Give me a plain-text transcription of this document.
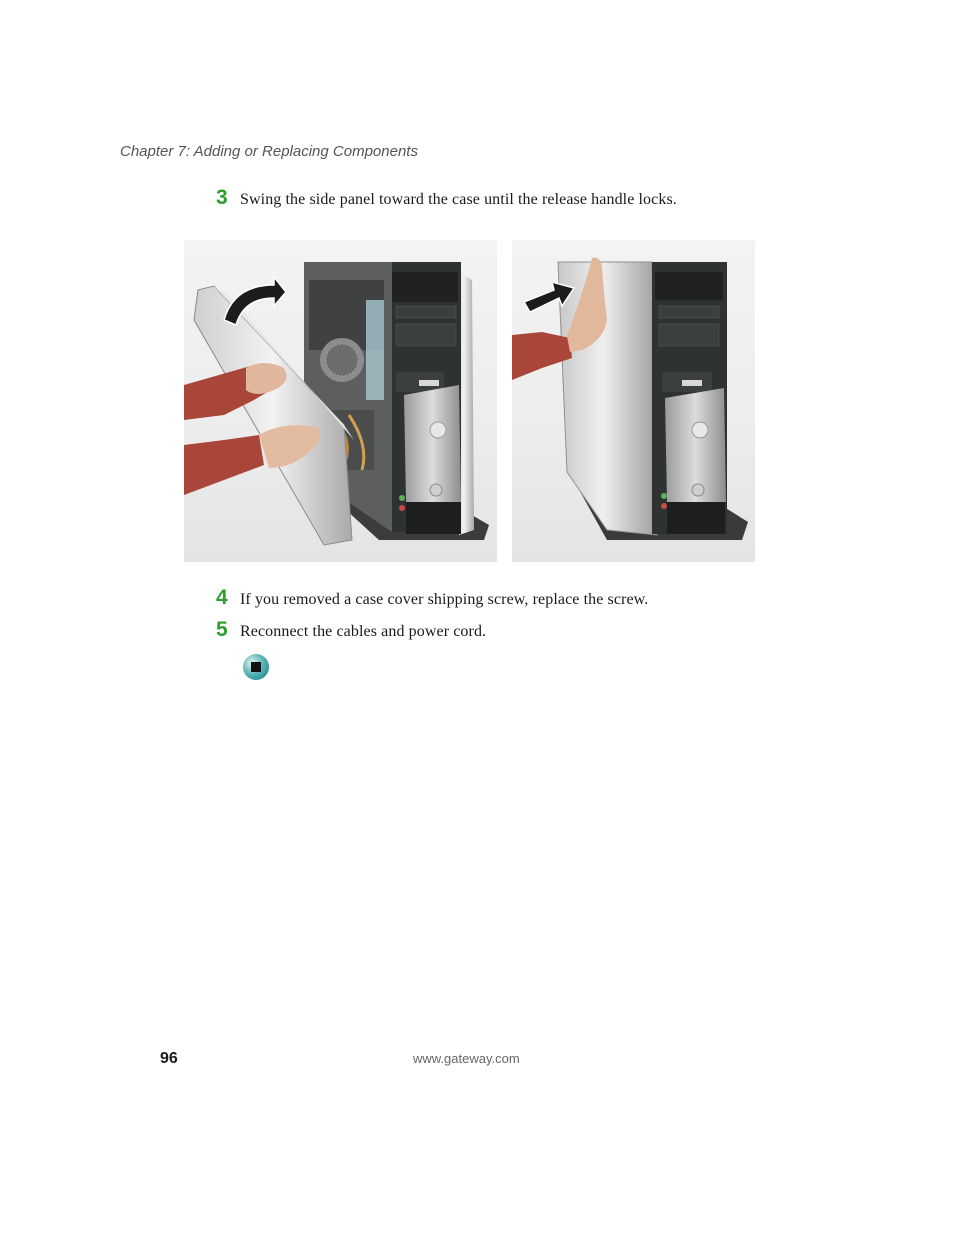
Chapter 7: Adding or Replacing Components
3 Swing the side panel toward the case until the release handle locks.
4 If you removed a case cover shipping screw, replace the screw.
5 Reconnect the cables and power cord.
96	www.gateway.com
